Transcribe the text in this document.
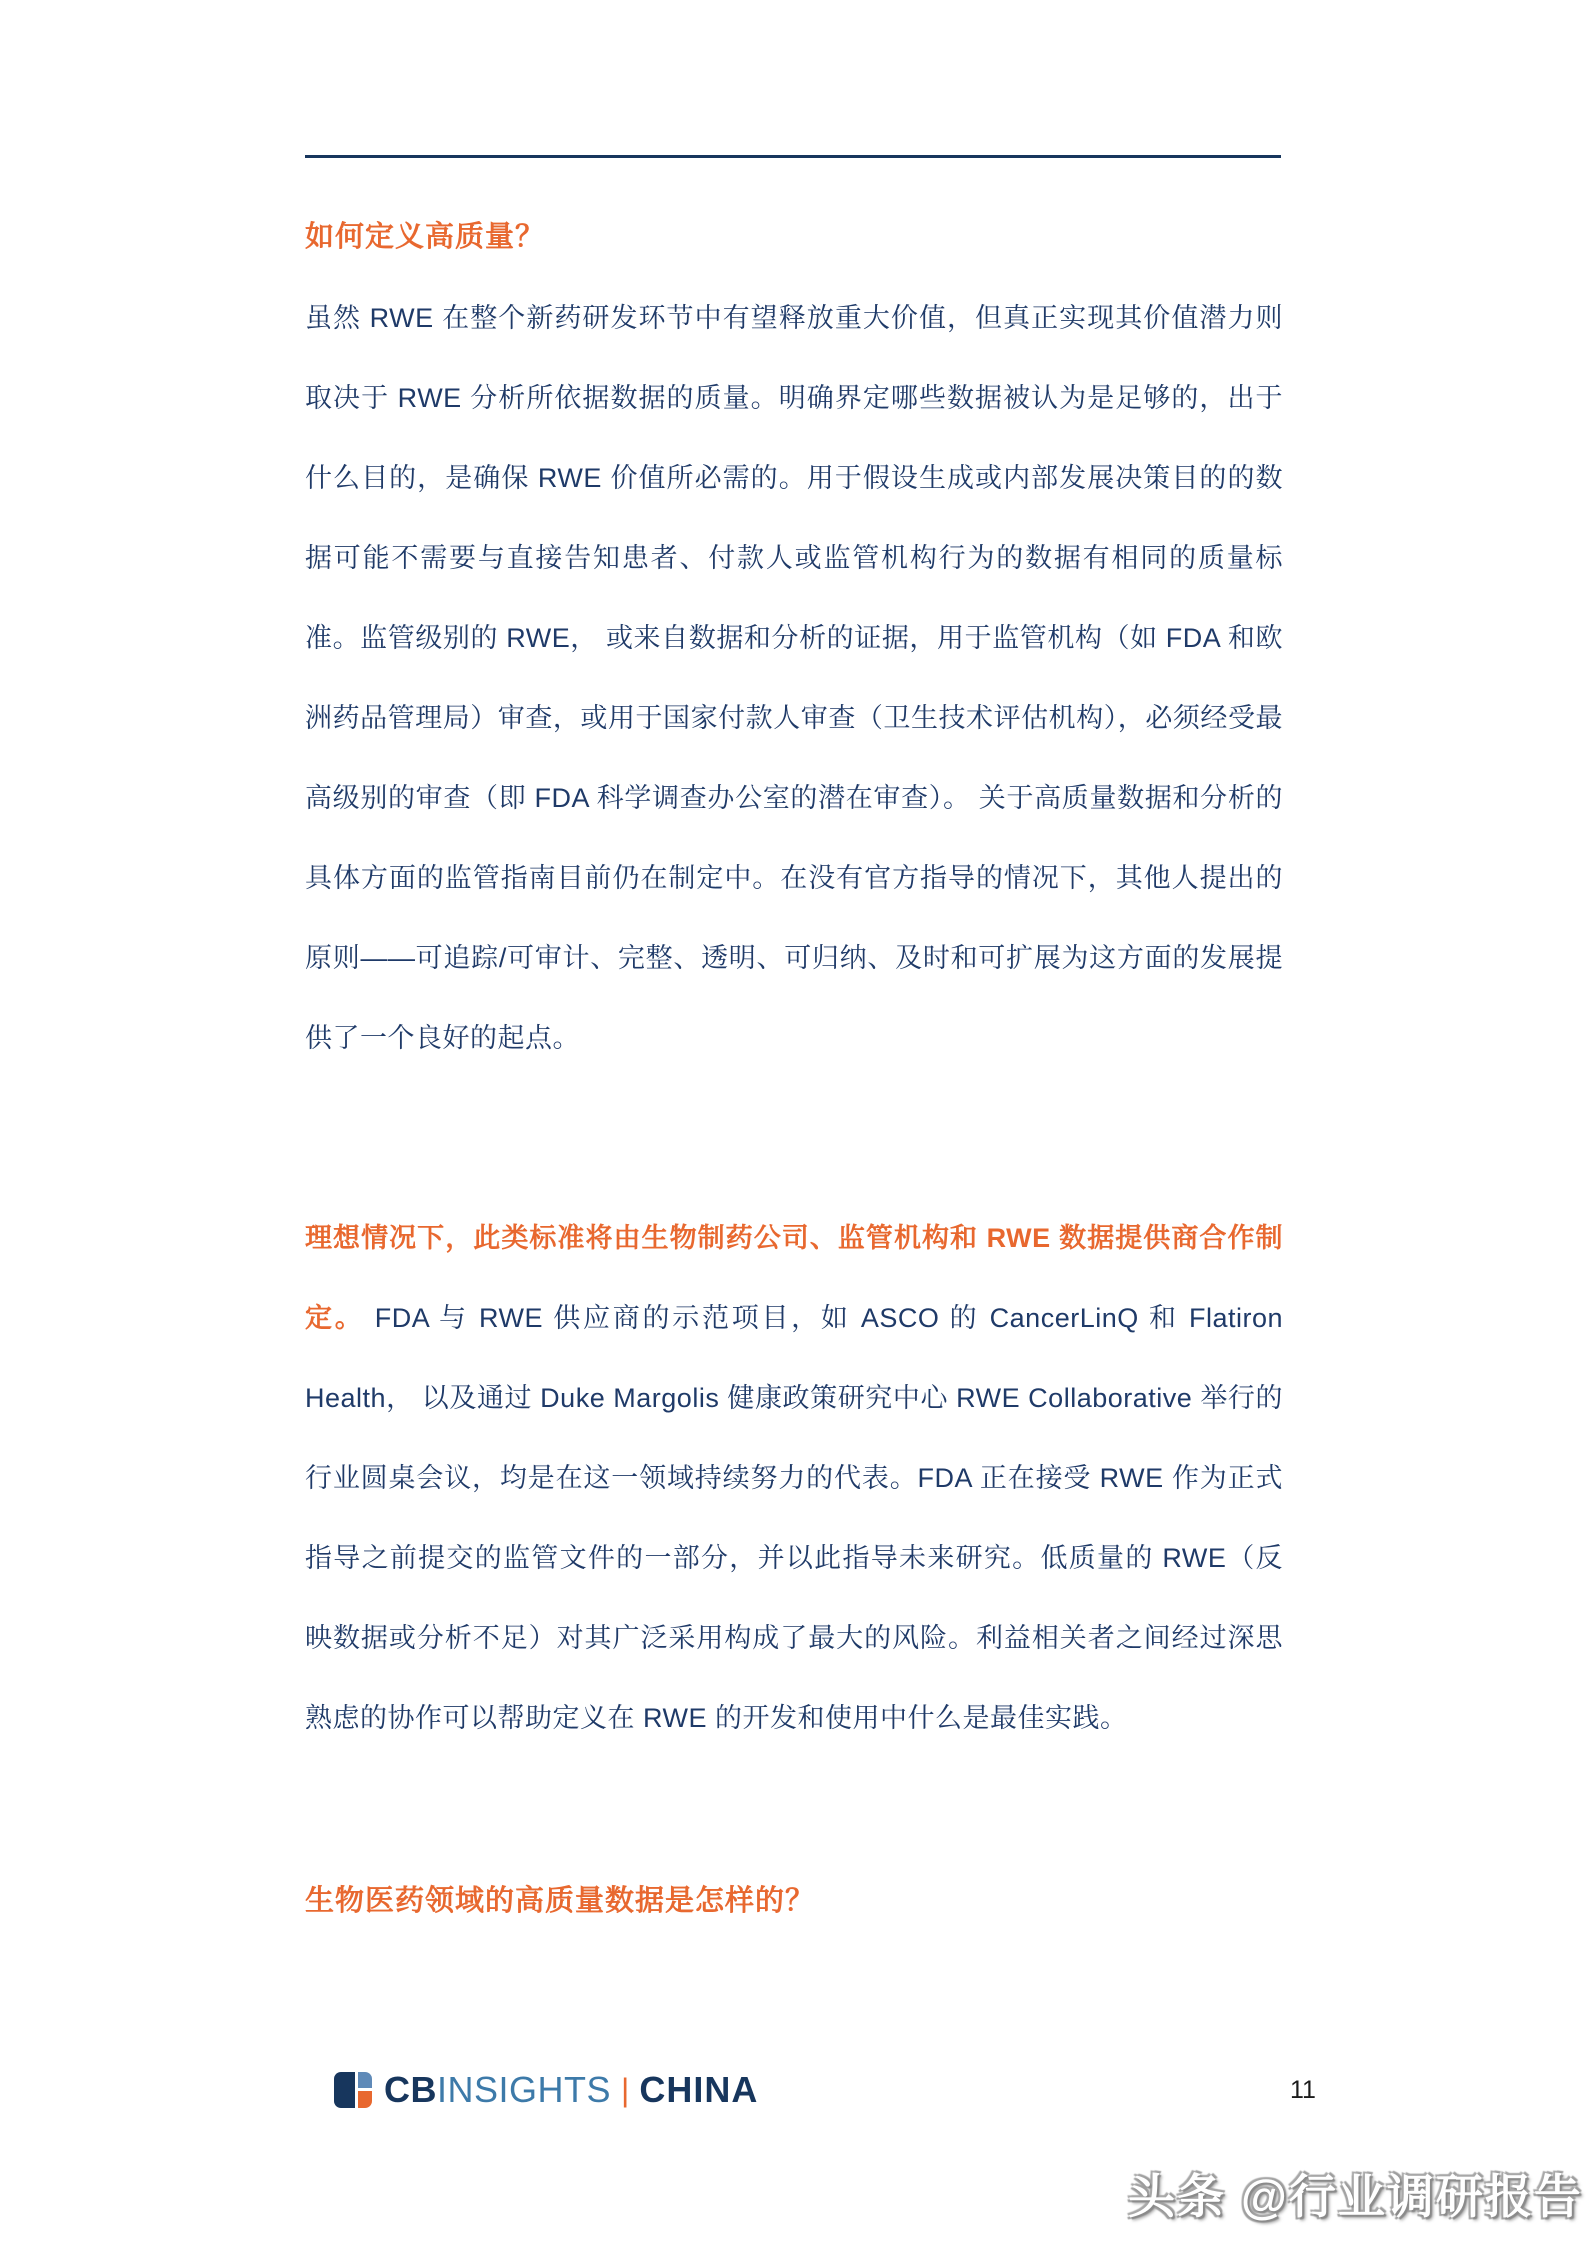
如何定义高质量？
虽然 RWE 在整个新药研发环节中有望释放重大价值，但真正实现其价值潜力则取决于 RWE 分析所依据数据的质量。明确界定哪些数据被认为是足够的，出于什么目的，是确保 RWE 价值所必需的。用于假设生成或内部发展决策目的的数据可能不需要与直接告知患者、付款人或监管机构行为的数据有相同的质量标准。监管级别的 RWE， 或来自数据和分析的证据，用于监管机构（如 FDA 和欧洲药品管理局）审查，或用于国家付款人审查（卫生技术评估机构），必须经受最高级别的审查（即 FDA 科学调查办公室的潜在审查）。 关于高质量数据和分析的具体方面的监管指南目前仍在制定中。在没有官方指导的情况下，其他人提出的原则——可追踪/可审计、完整、透明、可归纳、及时和可扩展为这方面的发展提供了一个良好的起点。
理想情况下，此类标准将由生物制药公司、监管机构和 RWE 数据提供商合作制定。 FDA 与 RWE 供应商的示范项目，如 ASCO 的 CancerLinQ 和 Flatiron Health， 以及通过 Duke Margolis 健康政策研究中心 RWE Collaborative 举行的行业圆桌会议，均是在这一领域持续努力的代表。FDA 正在接受 RWE 作为正式指导之前提交的监管文件的一部分，并以此指导未来研究。低质量的 RWE（反映数据或分析不足）对其广泛采用构成了最大的风险。利益相关者之间经过深思熟虑的协作可以帮助定义在 RWE 的开发和使用中什么是最佳实践。
生物医药领域的高质量数据是怎样的？
CB INSIGHTS | CHINA	11
头条 @行业调研报告
